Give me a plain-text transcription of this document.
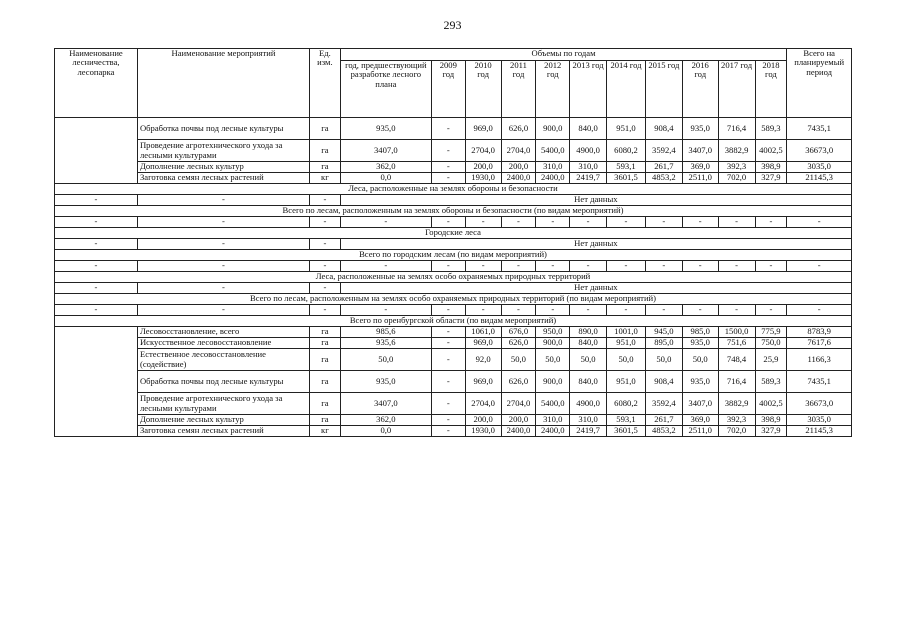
293
Наименование лесничества, лесопарка	Наименование мероприятий	Ед. изм.	Объемы по годам											Всего на планируемый период
			год, предшествующий разработке лесного плана	2009 год	2010 год	2011 год	2012 год	2013 год	2014 год	2015 год	2016 год	2017 год	2018 год	
	Обработка почвы под лесные культуры	га	935,0	-	969,0	626,0	900,0	840,0	951,0	908,4	935,0	716,4	589,3	7435,1
	Проведение агротехнического ухода за лесными культурами	га	3407,0	-	2704,0	2704,0	5400,0	4900,0	6080,2	3592,4	3407,0	3882,9	4002,5	36673,0
	Дополнение лесных культур	га	362,0	-	200,0	200,0	310,0	310,0	593,1	261,7	369,0	392,3	398,9	3035,0
	Заготовка семян лесных растений	кг	0,0	-	1930,0	2400,0	2400,0	2419,7	3601,5	4853,2	2511,0	702,0	327,9	21145,3
Леса, расположенные на землях обороны и безопасности														
-	-	-	Нет данных											
Всего по лесам, расположенным на землях обороны и безопасности (по видам мероприятий)														
-	-	-	-	-	-	-	-	-	-	-	-	-	-	-
Городские леса														
-	-	-	Нет данных											
Всего по городским лесам (по видам мероприятий)														
-	-	-	-	-	-	-	-	-	-	-	-	-	-	-
Леса, расположенные на землях особо охраняемых природных территорий														
-	-	-	Нет данных											
Всего по лесам, расположенным на землях особо охраняемых природных территорий (по видам мероприятий)														
-	-	-	-	-	-	-	-	-	-	-	-	-	-	-
Всего по оренбургской области (по видам мероприятий)														
	Лесовосстановление, всего	га	985,6	-	1061,0	676,0	950,0	890,0	1001,0	945,0	985,0	1500,0	775,9	8783,9
	Искусственное лесовосстановление	га	935,6	-	969,0	626,0	900,0	840,0	951,0	895,0	935,0	751,6	750,0	7617,6
	Естественное лесовосстановление (содействие)	га	50,0	-	92,0	50,0	50,0	50,0	50,0	50,0	50,0	748,4	25,9	1166,3
	Обработка почвы под лесные культуры	га	935,0	-	969,0	626,0	900,0	840,0	951,0	908,4	935,0	716,4	589,3	7435,1
	Проведение агротехнического ухода за лесными культурами	га	3407,0	-	2704,0	2704,0	5400,0	4900,0	6080,2	3592,4	3407,0	3882,9	4002,5	36673,0
	Дополнение лесных культур	га	362,0	-	200,0	200,0	310,0	310,0	593,1	261,7	369,0	392,3	398,9	3035,0
	Заготовка семян лесных растений	кг	0,0	-	1930,0	2400,0	2400,0	2419,7	3601,5	4853,2	2511,0	702,0	327,9	21145,3
